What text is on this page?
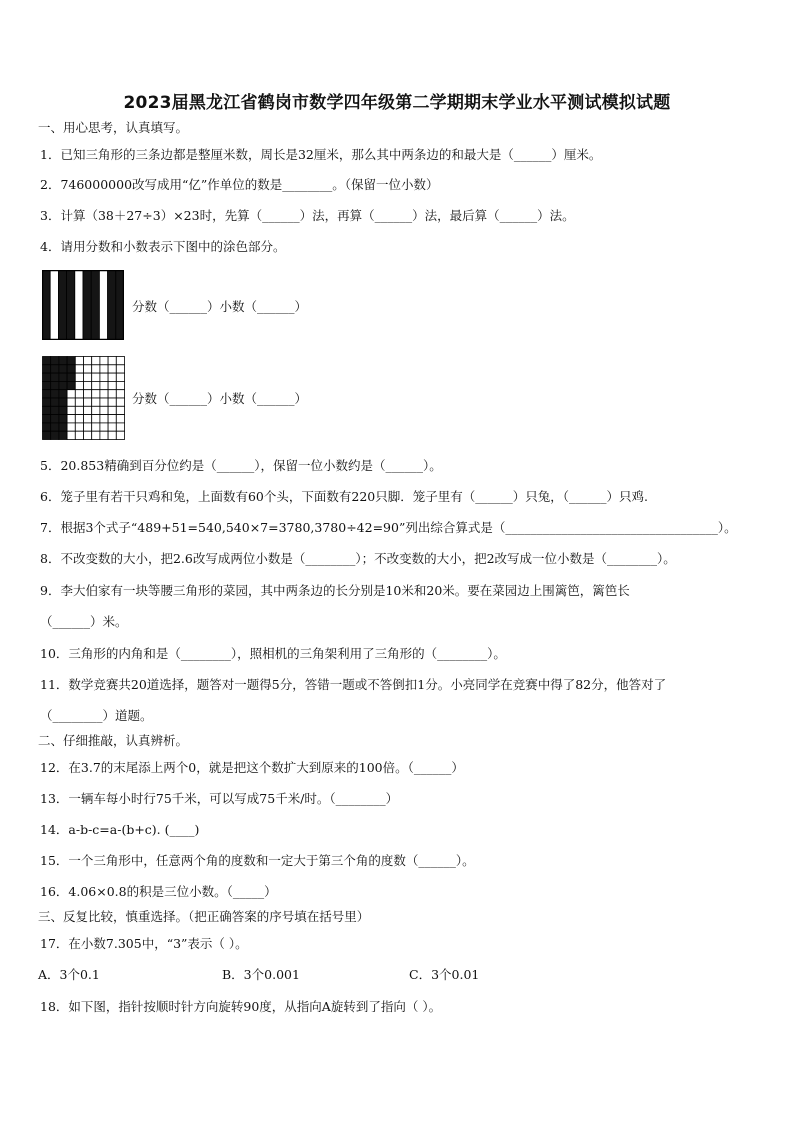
2023届黑龙江省鹤岗市数学四年级第二学期期末学业水平测试模拟试题
一、用心思考，认真填写。
1．已知三角形的三条边都是整厘米数，周长是32厘米，那么其中两条边的和最大是（______）厘米。
2．746000000改写成用“亿”作单位的数是________。（保留一位小数）
3．计算（38＋27÷3）×23时，先算（______）法，再算（______）法，最后算（______）法。
4．请用分数和小数表示下图中的涂色部分。
分数（______）小数（______）
分数（______）小数（______）
5．20.853精确到百分位约是（______），保留一位小数约是（______）。
6．笼子里有若干只鸡和兔，上面数有60个头，下面数有220只脚．笼子里有（______）只兔，（______）只鸡.
7．根据3个式子“489+51=540,540×7=3780,3780÷42=90”列出综合算式是（__________________________________）。
8．不改变数的大小，把2.6改写成两位小数是（________）；不改变数的大小，把2改写成一位小数是（________）。
9．李大伯家有一块等腰三角形的菜园，其中两条边的长分别是10米和20米。要在菜园边上围篱笆，篱笆长
（______）米。
10．三角形的内角和是（________），照相机的三角架利用了三角形的（________）。
11．数学竞赛共20道选择，题答对一题得5分，答错一题或不答倒扣1分。小亮同学在竞赛中得了82分，他答对了
（________）道题。
二、仔细推敲，认真辨析。
12．在3.7的末尾添上两个0，就是把这个数扩大到原来的100倍。（______）
13．一辆车每小时行75千米，可以写成75千米/时。（________）
14．a-b-c=a-(b+c). (____)
15．一个三角形中，任意两个角的度数和一定大于第三个角的度数（______）。
16．4.06×0.8的积是三位小数。（_____）
三、反复比较，慎重选择。（把正确答案的序号填在括号里）
17．在小数7.305中，“3”表示（ ）。
A．3个0.1	B．3个0.001	C．3个0.01
18．如下图，指针按顺时针方向旋转90度，从指向A旋转到了指向（ ）。
